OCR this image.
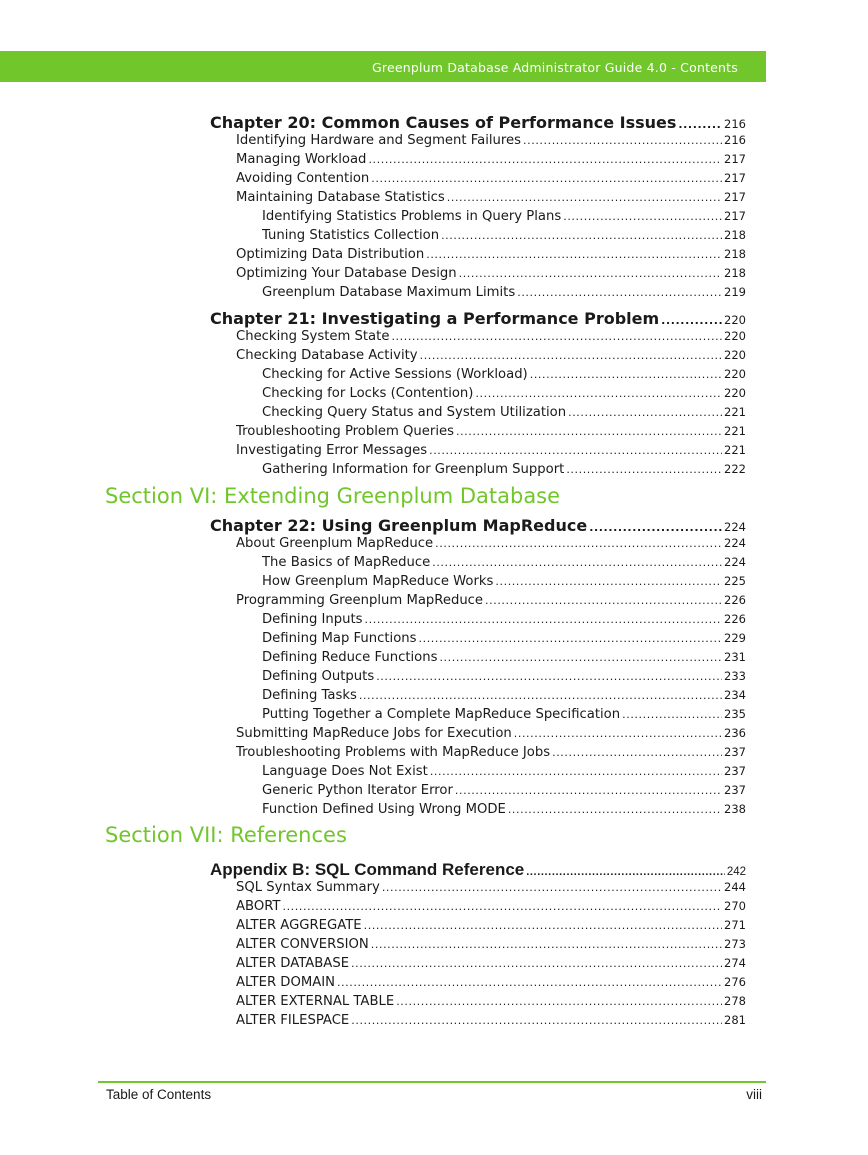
Greenplum Database Administrator Guide 4.0 - Contents
Chapter 20: Common Causes of Performance Issues .....	216
Identifying Hardware and Segment Failures .....	216
Managing Workload .....	217
Avoiding Contention .....	217
Maintaining Database Statistics .....	217
Identifying Statistics Problems in Query Plans .....	217
Tuning Statistics Collection .....	218
Optimizing Data Distribution .....	218
Optimizing Your Database Design .....	218
Greenplum Database Maximum Limits .....	219
Chapter 21: Investigating a Performance Problem .....	220
Checking System State .....	220
Checking Database Activity .....	220
Checking for Active Sessions (Workload) .....	220
Checking for Locks (Contention) .....	220
Checking Query Status and System Utilization .....	221
Troubleshooting Problem Queries .....	221
Investigating Error Messages .....	221
Gathering Information for Greenplum Support .....	222
Section VI: Extending Greenplum Database
Chapter 22: Using Greenplum MapReduce .....	224
About Greenplum MapReduce .....	224
The Basics of MapReduce .....	224
How Greenplum MapReduce Works .....	225
Programming Greenplum MapReduce .....	226
Defining Inputs .....	226
Defining Map Functions .....	229
Defining Reduce Functions .....	231
Defining Outputs .....	233
Defining Tasks .....	234
Putting Together a Complete MapReduce Specification .....	235
Submitting MapReduce Jobs for Execution .....	236
Troubleshooting Problems with MapReduce Jobs .....	237
Language Does Not Exist .....	237
Generic Python Iterator Error .....	237
Function Defined Using Wrong MODE .....	238
Section VII: References
Appendix B: SQL Command Reference .....	242
SQL Syntax Summary .....	244
ABORT .....	270
ALTER AGGREGATE .....	271
ALTER CONVERSION .....	273
ALTER DATABASE .....	274
ALTER DOMAIN .....	276
ALTER EXTERNAL TABLE .....	278
ALTER FILESPACE .....	281
Table of Contents	viii
